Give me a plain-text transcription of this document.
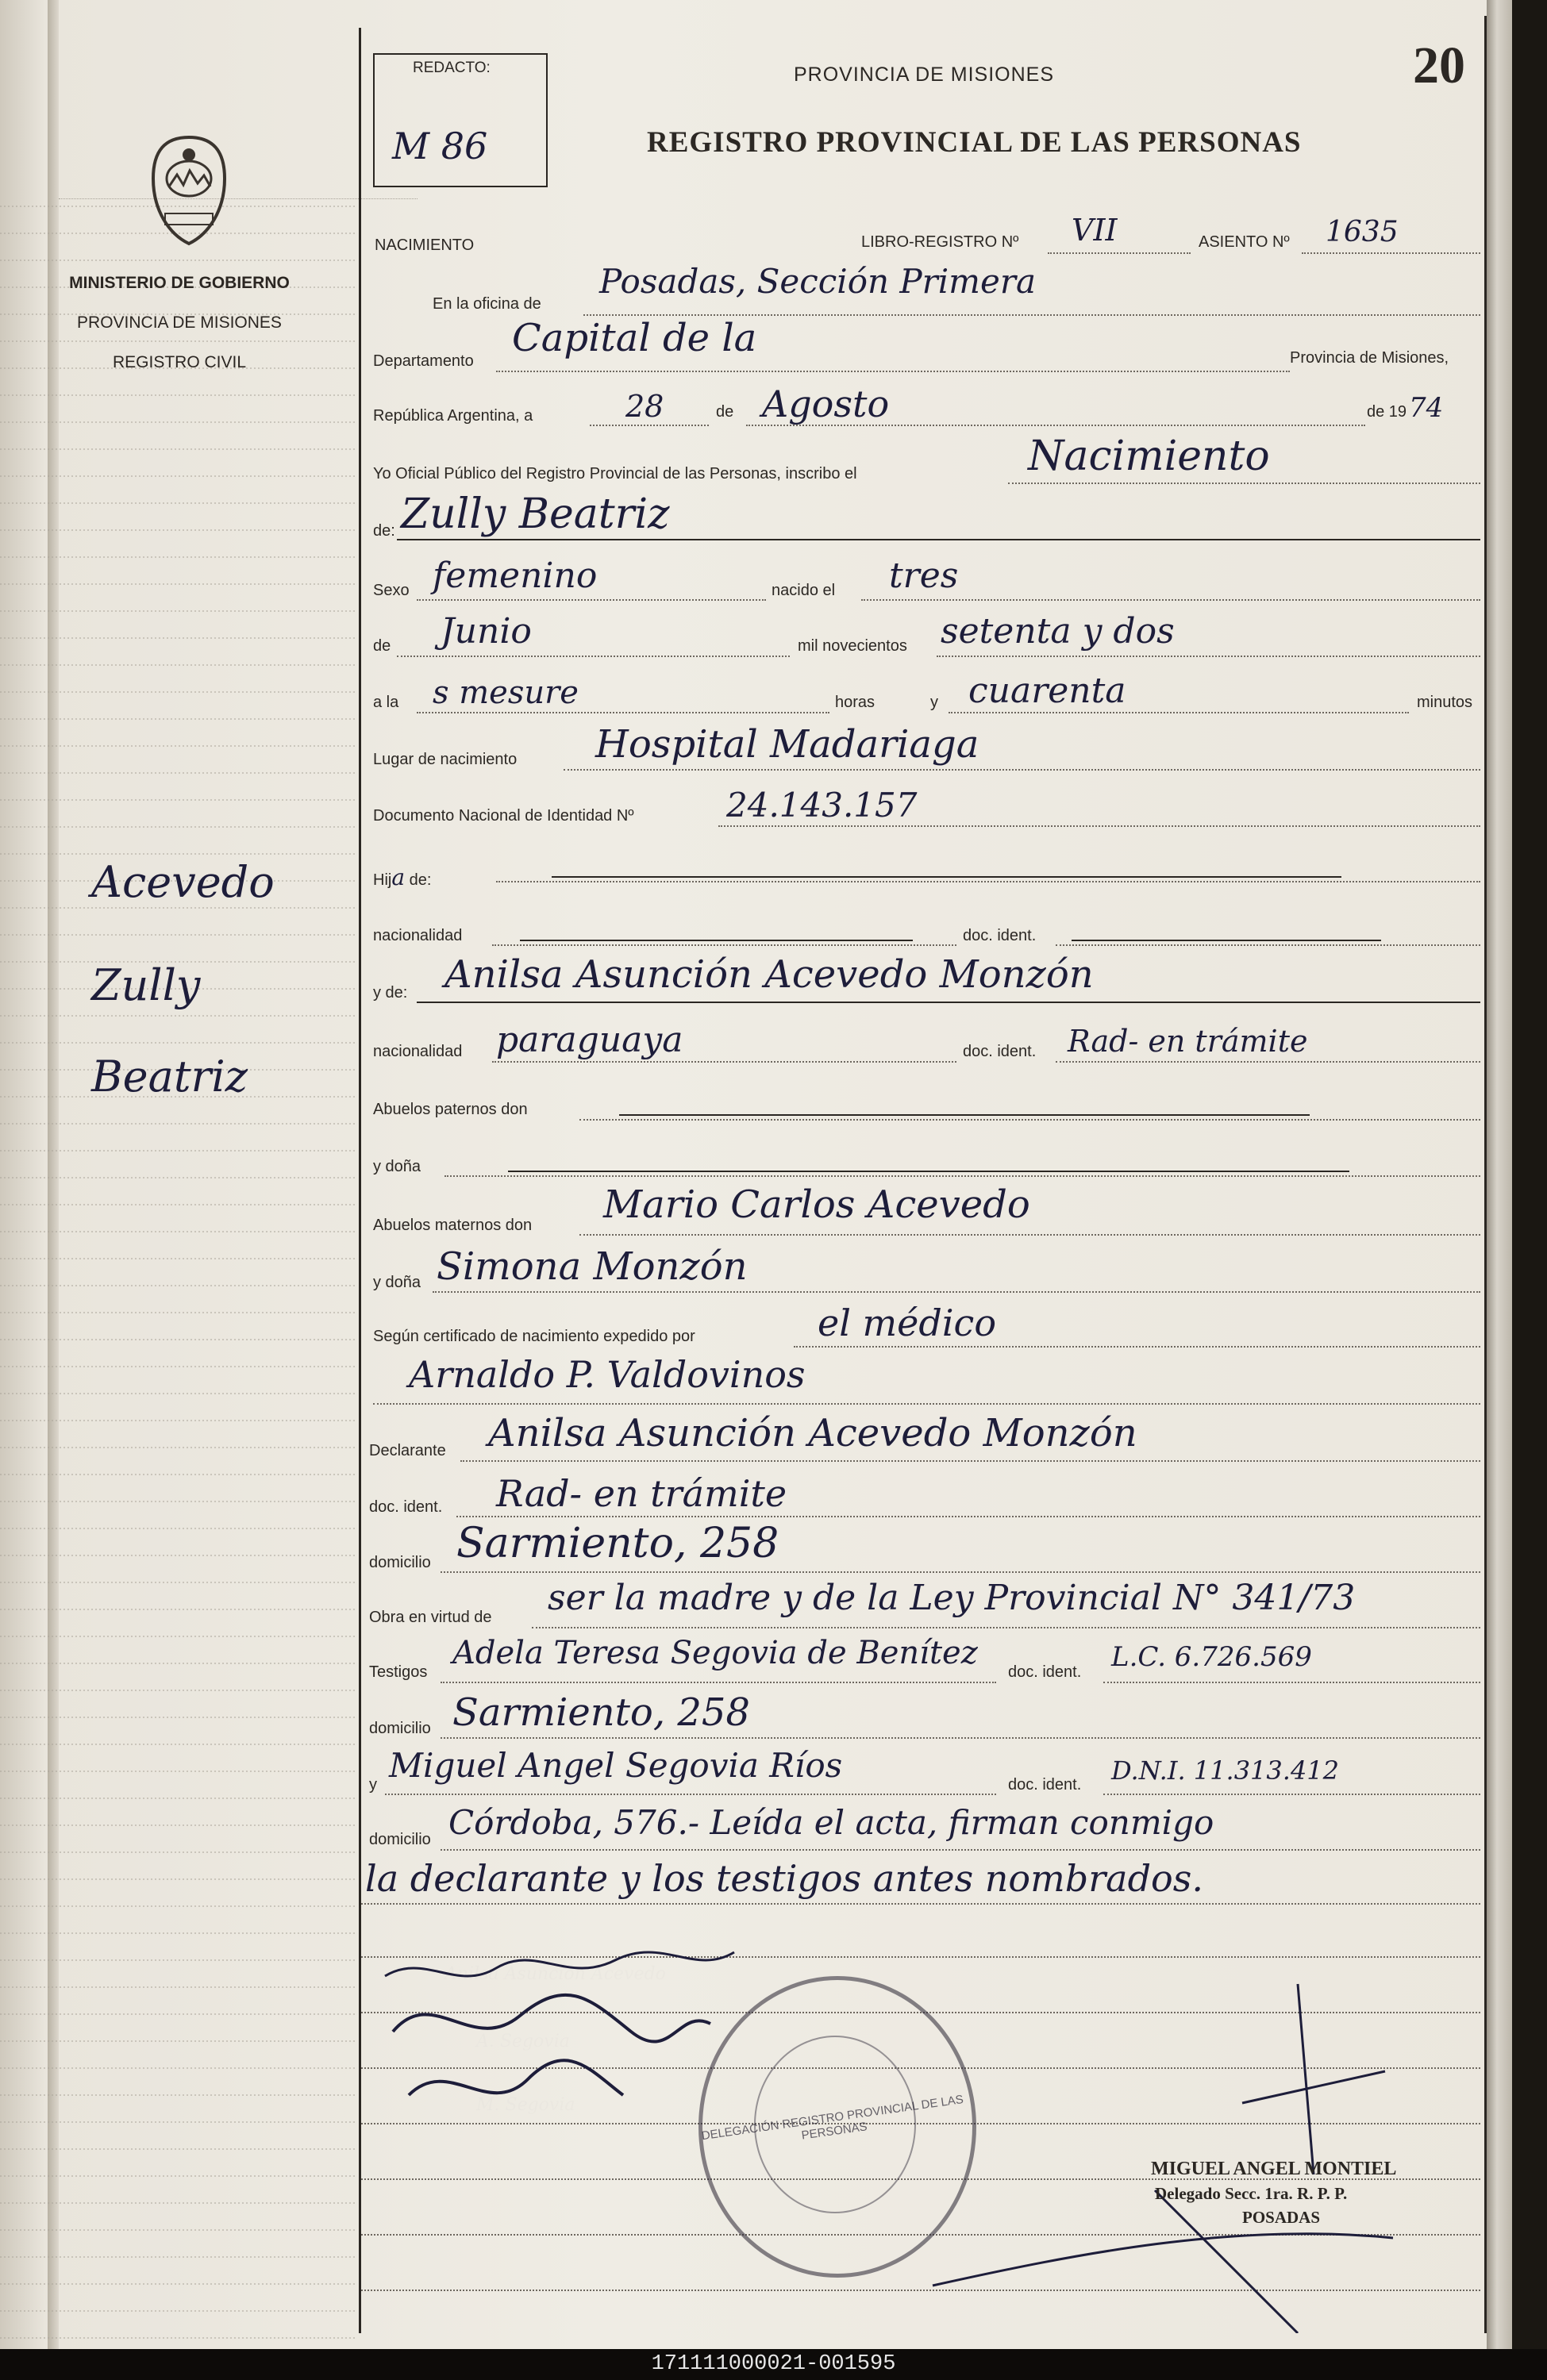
MINISTERIO DE GOBIERNO
PROVINCIA DE MISIONES
REGISTRO CIVIL
Acevedo
Zully
Beatriz
REDACTO:
M 86
PROVINCIA DE MISIONES
REGISTRO PROVINCIAL DE LAS PERSONAS
20
NACIMIENTO	LIBRO-REGISTRO Nº VII	ASIENTO Nº 1635
En la oficina de
Posadas, Sección Primera
Departamento
Capital de la	Provincia de Misiones,
República Argentina, a	28	de Agosto	de 19 74
Yo Oficial Público del Registro Provincial de las Personas, inscribo el	Nacimiento
de: Zully Beatriz
Sexo femenino	nacido el tres
de Junio	mil novecientos setenta y dos
a la s mesure	horas	y cuarenta	minutos
Lugar de nacimiento Hospital Madariaga
Documento Nacional de Identidad Nº	24.143.157
Hija de:
nacionalidad	doc. ident.
y de: Anilsa Asunción Acevedo Monzón
nacionalidad paraguaya	doc. ident. Rad- en trámite
Abuelos paternos don
y doña
Abuelos maternos don Mario Carlos Acevedo
y doña Simona Monzón
Según certificado de nacimiento expedido por	el médico
Arnaldo P. Valdovinos
Declarante Anilsa Asunción Acevedo Monzón
doc. ident. Rad- en trámite
domicilio Sarmiento, 258
Obra en virtud de ser la madre y de la Ley Provincial N° 341/73
Testigos
Adela Teresa Segovia de Benítez
doc. ident. L.C. 6.726.569
domicilio Sarmiento, 258
y Miguel Angel Segovia Ríos	doc. ident. D.N.I. 11.313.412
domicilio Córdoba, 576.- Leída el acta, firman conmigo
la declarante y los testigos antes nombrados.
DELEGACIÓN REGISTRO PROVINCIAL DE LAS PERSONAS
MIGUEL ANGEL MONTIEL
Delegado Secc. 1ra. R. P. P.
POSADAS
171111000021-001595
